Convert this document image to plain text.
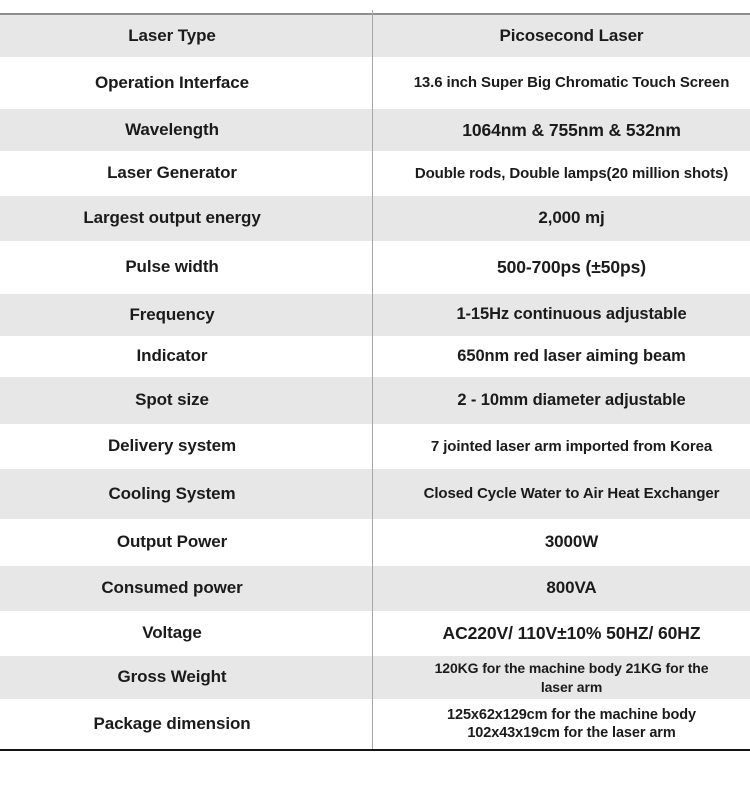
Laser Type	Picosecond Laser
Operation Interface	13.6 inch Super Big Chromatic Touch Screen
Wavelength	1064nm & 755nm & 532nm
Laser Generator	Double rods, Double lamps(20 million shots)
Largest output energy	2,000 mj
Pulse width	500-700ps (±50ps)
Frequency	1-15Hz continuous adjustable
Indicator	650nm red laser aiming beam
Spot size	2 - 10mm diameter adjustable
Delivery system	7 jointed laser arm imported from Korea
Cooling System	Closed Cycle Water to Air Heat Exchanger
Output Power	3000W
Consumed power	800VA
Voltage	AC220V/ 110V±10% 50HZ/ 60HZ
Gross Weight	120KG for the machine body 21KG for the
laser arm
Package dimension	125x62x129cm for the machine body
102x43x19cm for the laser arm
